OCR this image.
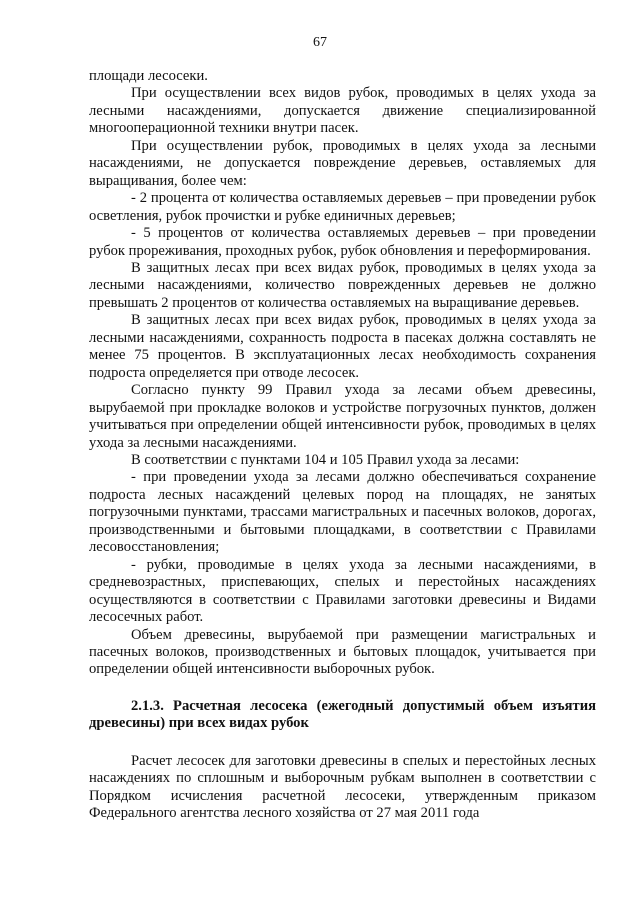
67

площади лесосеки.

При осуществлении всех видов рубок, проводимых в целях ухода за лесными насаждениями, допускается движение специализированной многооперационной техники внутри пасек.

При осуществлении рубок, проводимых в целях ухода за лесными насаждениями, не допускается повреждение деревьев, оставляемых для выращивания, более чем:

- 2 процента от количества оставляемых деревьев – при проведении рубок осветления, рубок прочистки и рубке единичных деревьев;

- 5 процентов от количества оставляемых деревьев – при проведении рубок прореживания, проходных рубок, рубок обновления и переформирования.

В защитных лесах при всех видах рубок, проводимых в целях ухода за лесными насаждениями, количество поврежденных деревьев не должно превышать 2 процентов от количества оставляемых на выращивание деревьев.

В защитных лесах при всех видах рубок, проводимых в целях ухода за лесными насаждениями, сохранность подроста в пасеках должна составлять не менее 75 процентов. В эксплуатационных лесах необходимость сохранения подроста определяется при отводе лесосек.

Согласно пункту 99 Правил ухода за лесами объем древесины, вырубаемой при прокладке волоков и устройстве погрузочных пунктов, должен учитываться при определении общей интенсивности рубок, проводимых в целях ухода за лесными насаждениями.

В соответствии с пунктами 104 и 105 Правил ухода за лесами:

- при проведении ухода за лесами должно обеспечиваться сохранение подроста лесных насаждений целевых пород на площадях, не занятых погрузочными пунктами, трассами магистральных и пасечных волоков, дорогах, производственными и бытовыми площадками, в соответствии с Правилами лесовосстановления;

- рубки, проводимые в целях ухода за лесными насаждениями, в средневозрастных, приспевающих, спелых и перестойных насаждениях осуществляются в соответствии с Правилами заготовки древесины и Видами лесосечных работ.

Объем древесины, вырубаемой при размещении магистральных и пасечных волоков, производственных и бытовых площадок, учитывается при определении общей интенсивности выборочных рубок.

2.1.3. Расчетная лесосека (ежегодный допустимый объем изъятия древесины) при всех видах рубок

Расчет лесосек для заготовки древесины в спелых и перестойных лесных насаждениях по сплошным и выборочным рубкам выполнен в соответствии с Порядком исчисления расчетной лесосеки, утвержденным приказом Федерального агентства лесного хозяйства от 27 мая 2011 года
